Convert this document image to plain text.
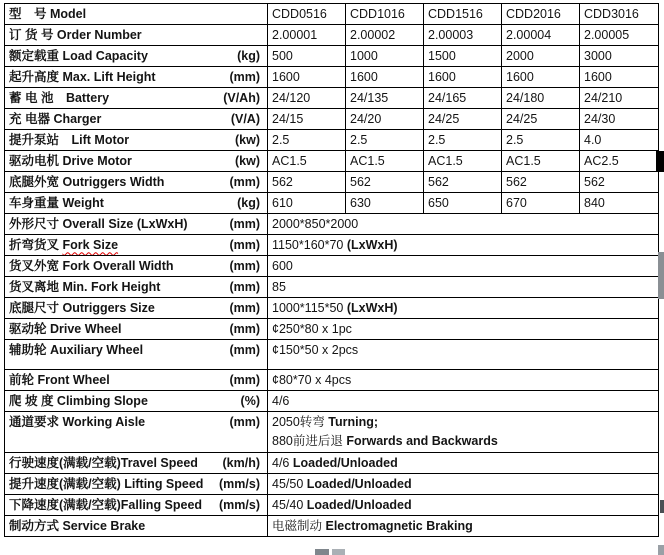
型　号 Model	CDD0516	CDD1016	CDD1516	CDD2016	CDD3016

订 货 号 Order Number	2.00001	2.00002	2.00003	2.00004	2.00005

额定载重 Load Capacity (kg)	500	1000	1500	2000	3000

起升高度 Max. Lift Height (mm)	1600	1600	1600	1600	1600

蓄 电 池　Battery (V/Ah)	24/120	24/135	24/165	24/180	24/210

充 电器 Charger (V/A)	24/15	24/20	24/25	24/25	24/30

提升泵站　Lift Motor (kw)	2.5	2.5	2.5	2.5	4.0

驱动电机 Drive Motor (kw)	AC1.5	AC1.5	AC1.5	AC1.5	AC2.5

底腿外宽 Outriggers Width (mm)	562	562	562	562	562

车身重量 Weight (kg)	610	630	650	670	840

外形尺寸 Overall Size (LxWxH) (mm)	2000*850*2000				

折弯货叉 Fork Size (mm)	1150*160*70 (LxWxH)				

货叉外宽 Fork Overall Width (mm)	600				

货叉离地 Min. Fork Height (mm)	85				

底腿尺寸 Outriggers Size (mm)	1000*115*50 (LxWxH)				

驱动轮 Drive Wheel (mm)	¢250*80 x 1pc				

辅助轮 Auxiliary Wheel (mm)	¢150*50 x 2pcs				

前轮 Front Wheel (mm)	¢80*70 x 4pcs				

爬 坡 度 Climbing Slope (%)	4/6				

通道要求 Working Aisle	(mm)	2050转弯 Turning;
880前进后退 Forwards and Backwards

行驶速度(满载/空载)Travel Speed (km/h)	4/6 Loaded/Unloaded				

提升速度(满载/空载) Lifting Speed (mm/s)	45/50 Loaded/Unloaded				

下降速度(满载/空载)Falling Speed (mm/s)	45/40 Loaded/Unloaded				

制动方式 Service Brake	电磁制动 Electromagnetic Braking				
